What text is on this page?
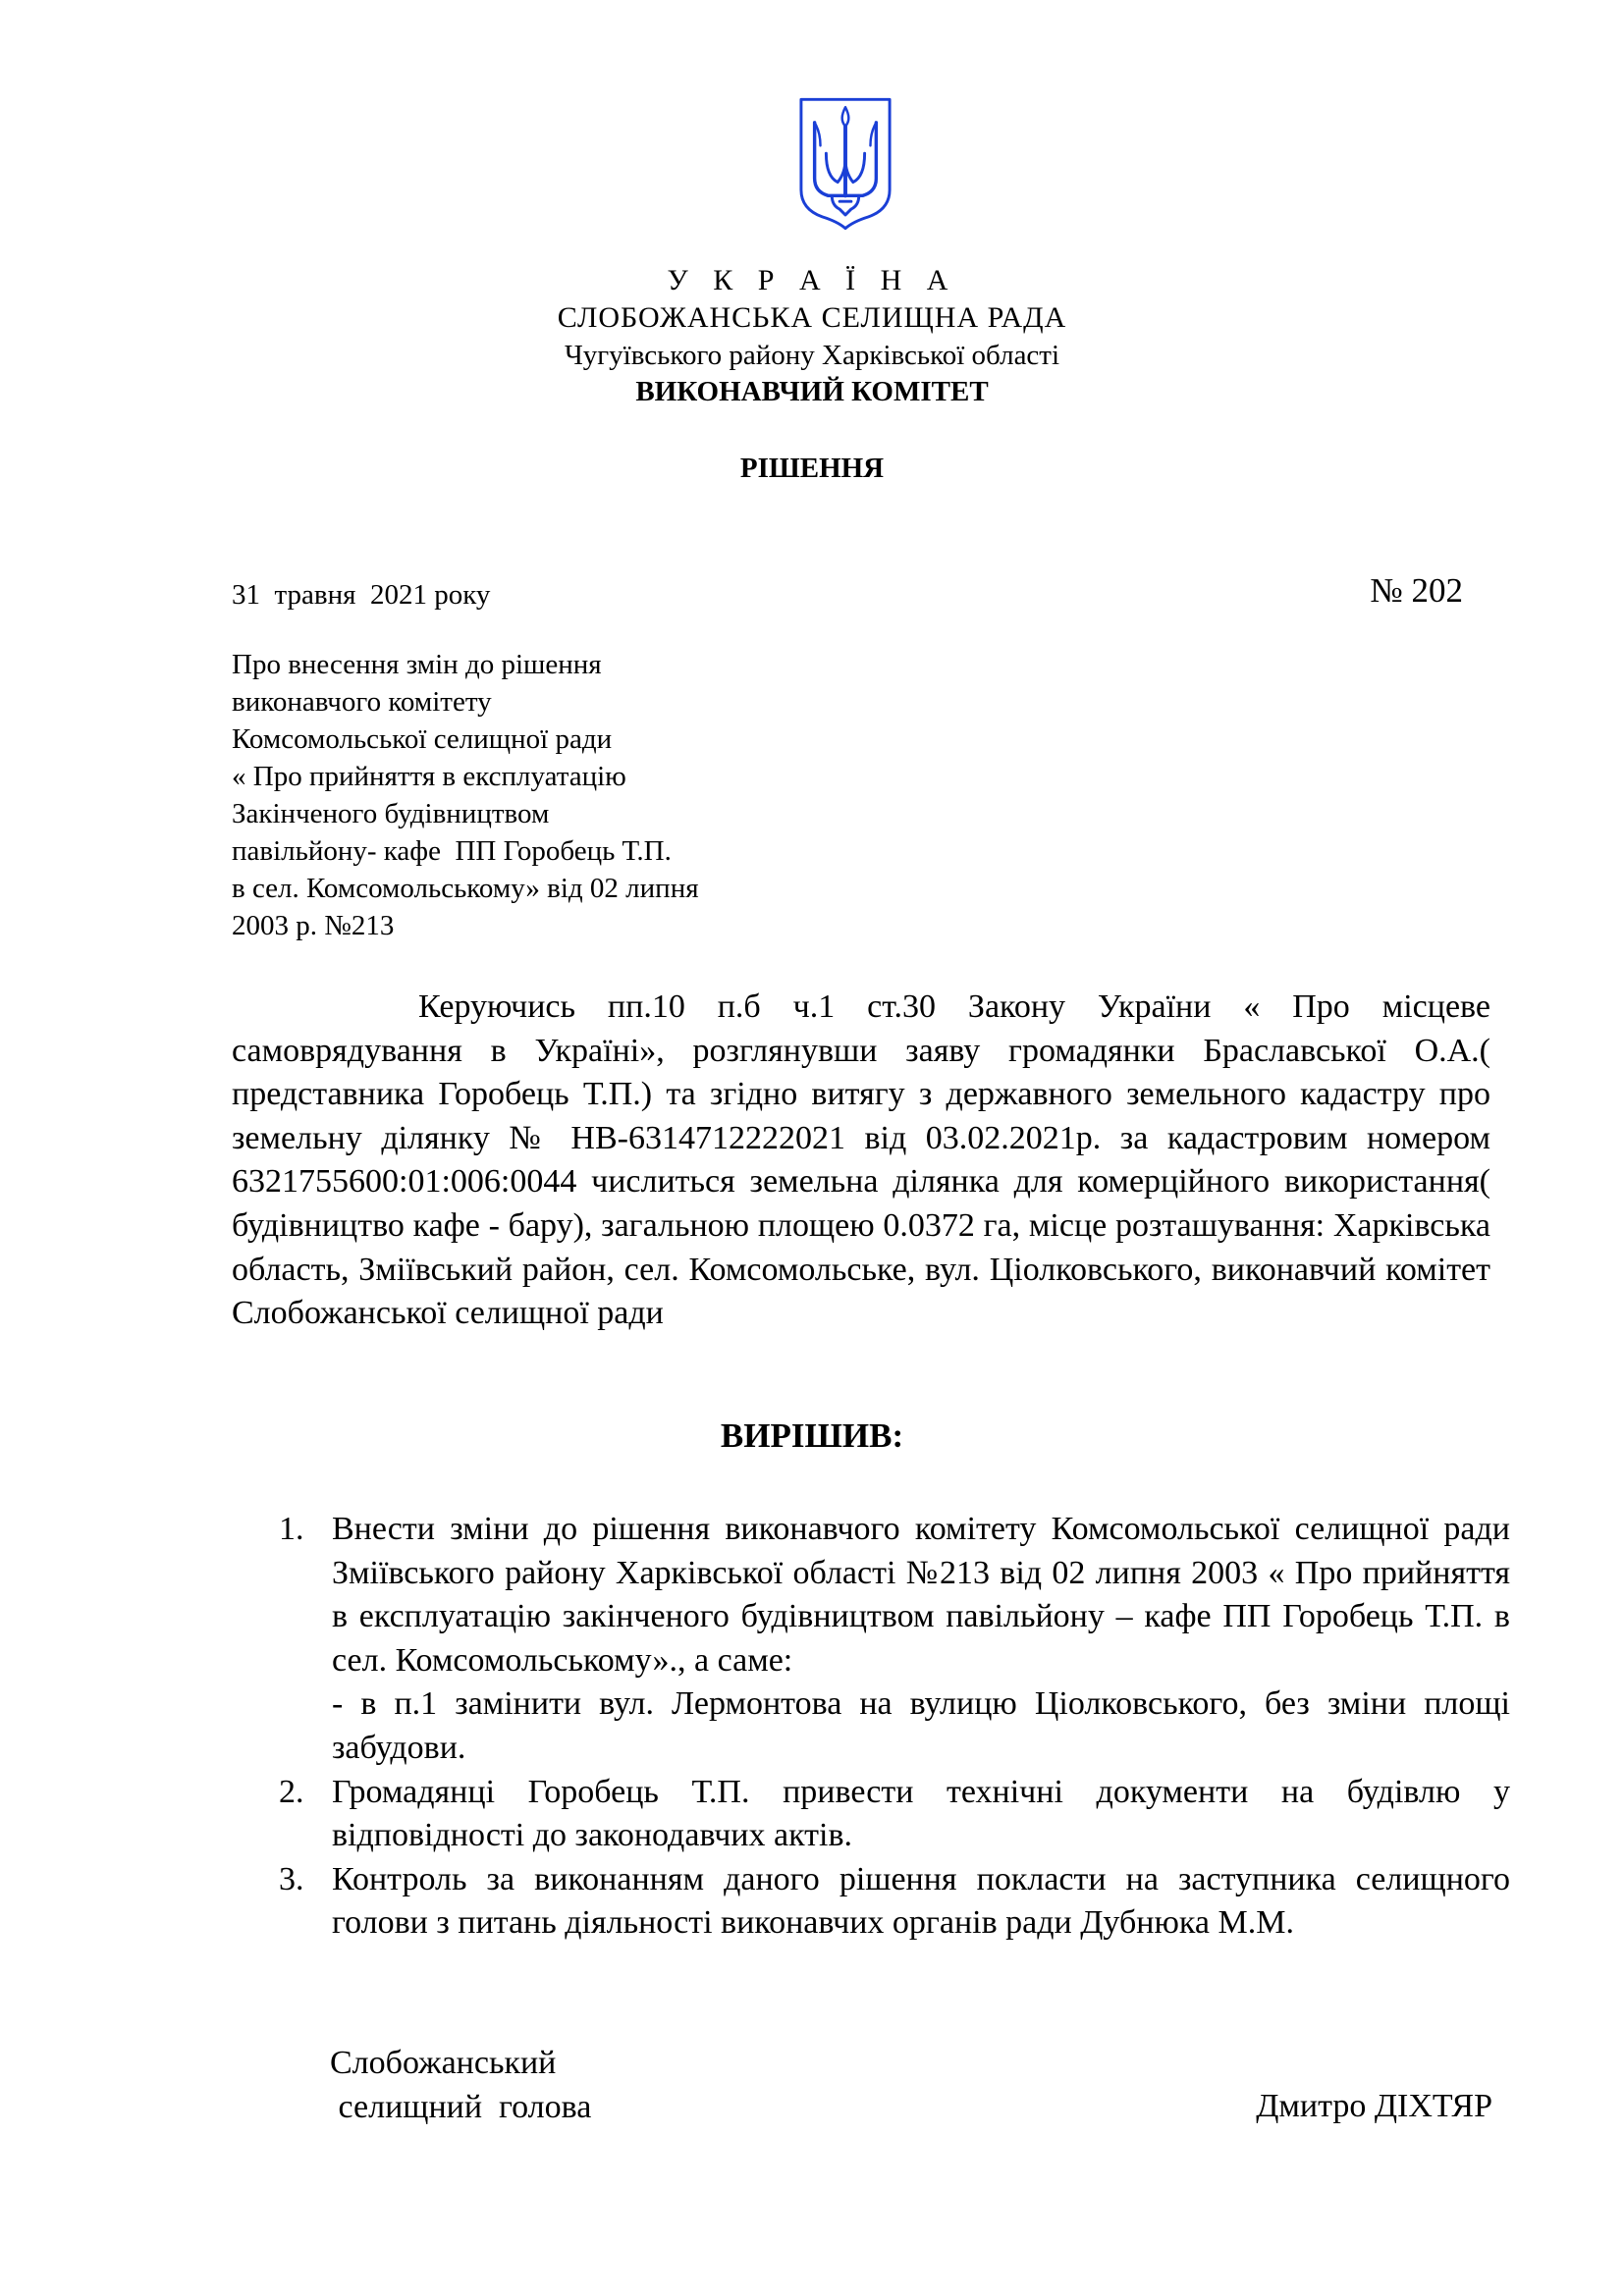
У К Р А Ї Н А
СЛОБОЖАНСЬКА СЕЛИЩНА РАДА
Чугуївського району Харківської області
ВИКОНАВЧИЙ КОМІТЕТ
РІШЕННЯ
31  травня  2021 року	№ 202
Про внесення змін до рішення
виконавчого комітету
Комсомольської селищної ради
« Про прийняття в експлуатацію
Закінченого будівництвом
павільйону- кафе  ПП Горобець Т.П.
в сел. Комсомольському» від 02 липня
2003 р. №213
Керуючись пп.10 п.б ч.1 ст.30 Закону України « Про місцеве самоврядування в Україні», розглянувши заяву громадянки Браславської О.А.( представника Горобець Т.П.) та згідно витягу з державного земельного кадастру про земельну ділянку № НВ-6314712222021 від 03.02.2021р. за кадастровим номером 6321755600:01:006:0044 числиться земельна ділянка для комерційного використання( будівництво кафе - бару), загальною площею 0.0372 га, місце розташування: Харківська область, Зміївський район, сел. Комсомольське, вул. Ціолковського, виконавчий комітет Слобожанської селищної ради
ВИРІШИВ:
1. Внести зміни до рішення виконавчого комітету Комсомольської селищної ради Зміївського району Харківської області №213 від 02 липня 2003 « Про прийняття в експлуатацію закінченого будівництвом павільйону – кафе ПП Горобець Т.П. в сел. Комсомольському»., а саме:
- в п.1 замінити вул. Лермонтова на вулицю Ціолковського, без зміни площі забудови.
2. Громадянці Горобець Т.П. привести технічні документи на будівлю у відповідності до законодавчих актів.
3. Контроль за виконанням даного рішення покласти на заступника селищного голови з питань діяльності виконавчих органів ради Дубнюка М.М.
Слобожанський
селищний  голова	Дмитро ДІХТЯР
